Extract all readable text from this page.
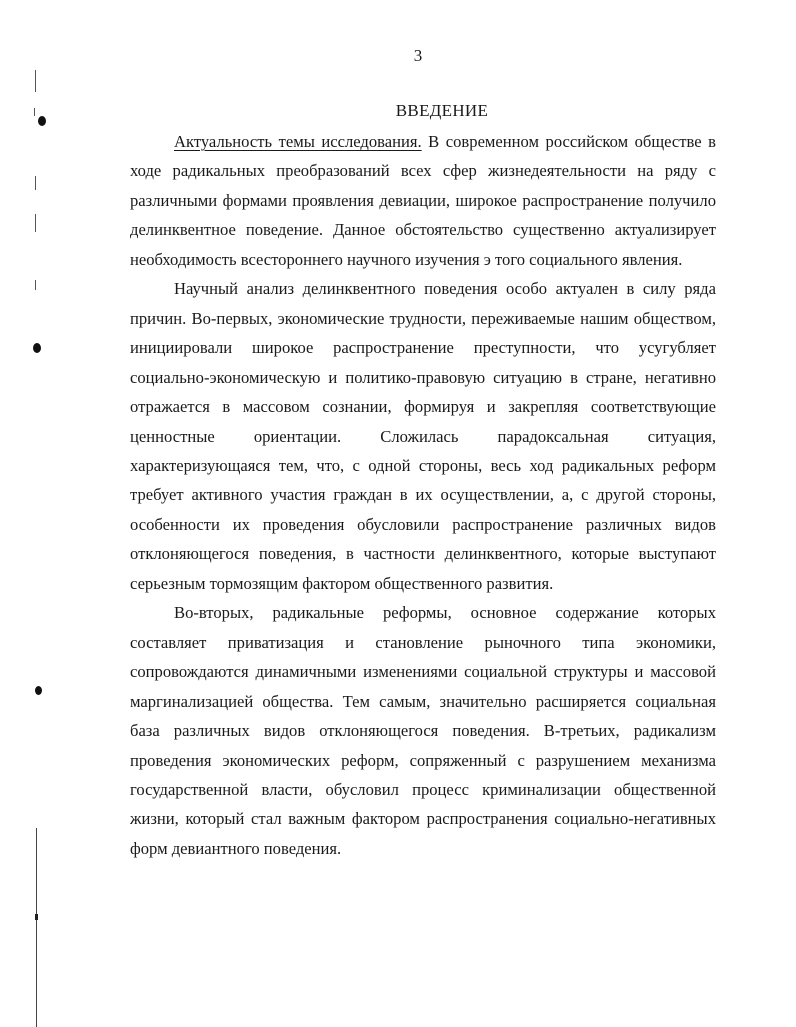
3
ВВЕДЕНИЕ

Актуальность темы исследования. В современном российском обществе в ходе радикальных преобразований всех сфер жизнедеятельности на ряду с различными формами проявления девиации, широкое распространение получило делинквентное поведение. Данное обстоятельство существенно актуализирует необходимость всестороннего научного изучения э того социального явления.

Научный анализ делинквентного поведения особо актуален в силу ряда причин. Во-первых, экономические трудности, переживаемые нашим обществом, инициировали широкое распространение преступности, что усугубляет социально-экономическую и политико-правовую ситуацию в стране, негативно отражается в массовом сознании, формируя и закрепляя соответствующие ценностные ориентации. Сложилась парадоксальная ситуация, характеризующаяся тем, что, с одной стороны, весь ход радикальных реформ требует активного участия граждан в их осуществлении, а, с другой стороны, особенности их проведения обусловили распространение различных видов отклоняющегося поведения, в частности делинквентного, которые выступают серьезным тормозящим фактором общественного развития.

Во-вторых, радикальные реформы, основное содержание которых составляет приватизация и становление рыночного типа экономики, сопровождаются динамичными изменениями социальной структуры и массовой маргинализацией общества. Тем самым, значительно расширяется социальная база различных видов отклоняющегося поведения. В-третьих, радикализм проведения экономических реформ, сопряженный с разрушением механизма государственной власти, обусловил процесс криминализации общественной жизни, который стал важным фактором распространения социально-негативных форм девиантного поведения.
